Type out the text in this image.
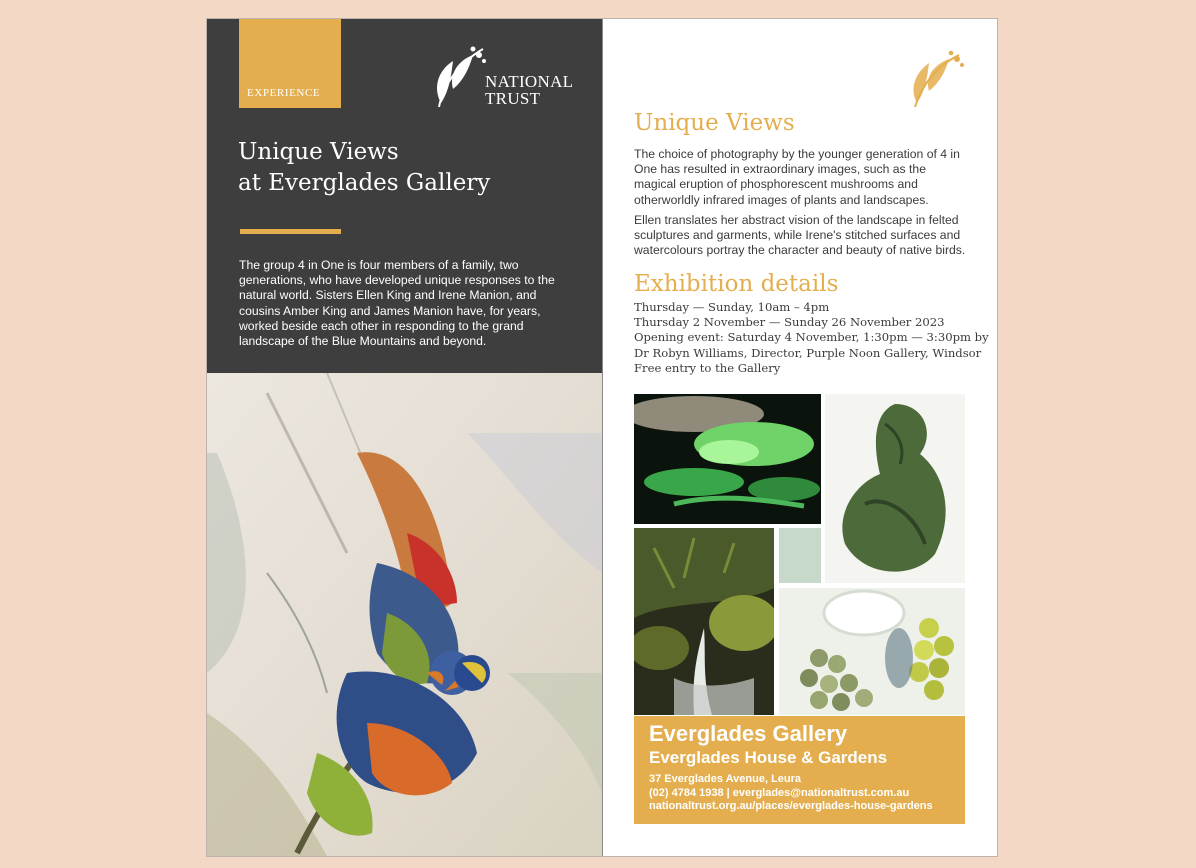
EXPERIENCE
NATIONAL
TRUST
Unique Views
at Everglades Gallery

The group 4 in One is four members of a family, two generations, who have developed unique responses to the natural world. Sisters Ellen King and Irene Manion, and cousins Amber King and James Manion have, for years, worked beside each other in responding to the grand landscape of the Blue Mountains and beyond.

Unique Views

The choice of photography by the younger generation of 4 in One has resulted in extraordinary images, such as the magical eruption of phosphorescent mushrooms and otherworldly infrared images of plants and landscapes.

Ellen translates her abstract vision of the landscape in felted sculptures and garments, while Irene's stitched surfaces and watercolours portray the character and beauty of native birds.

Exhibition details
Thursday — Sunday, 10am – 4pm
Thursday 2 November — Sunday 26 November 2023
Opening event: Saturday 4 November, 1:30pm — 3:30pm by
Dr Robyn Williams, Director, Purple Noon Gallery, Windsor
Free entry to the Gallery
Everglades Gallery
Everglades House & Gardens
37 Everglades Avenue, Leura
(02) 4784 1938 | everglades@nationaltrust.com.au
nationaltrust.org.au/places/everglades-house-gardens
